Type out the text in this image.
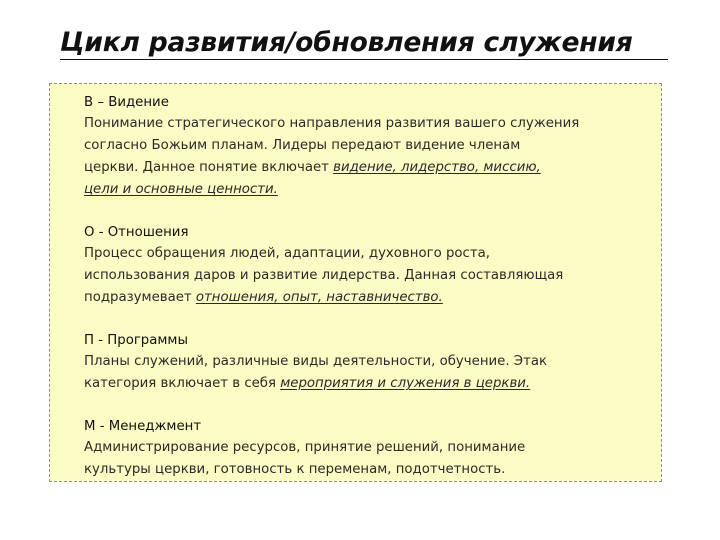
Цикл развития/обновления служения

В – Видение

Понимание стратегического направления развития вашего служения
согласно Божьим планам. Лидеры передают видение членам
церкви. Данное понятие включает видение, лидерство, миссию,
цели и основные ценности.

О - Отношения

Процесс обращения людей, адаптации, духовного роста,
использования даров и развитие лидерства. Данная составляющая
подразумевает отношения, опыт, наставничество.

П - Программы

Планы служений, различные виды деятельности, обучение. Этак
категория включает в себя мероприятия и служения в церкви.

М - Менеджмент

Администрирование ресурсов, принятие решений, понимание
культуры церкви, готовность к переменам, подотчетность.
